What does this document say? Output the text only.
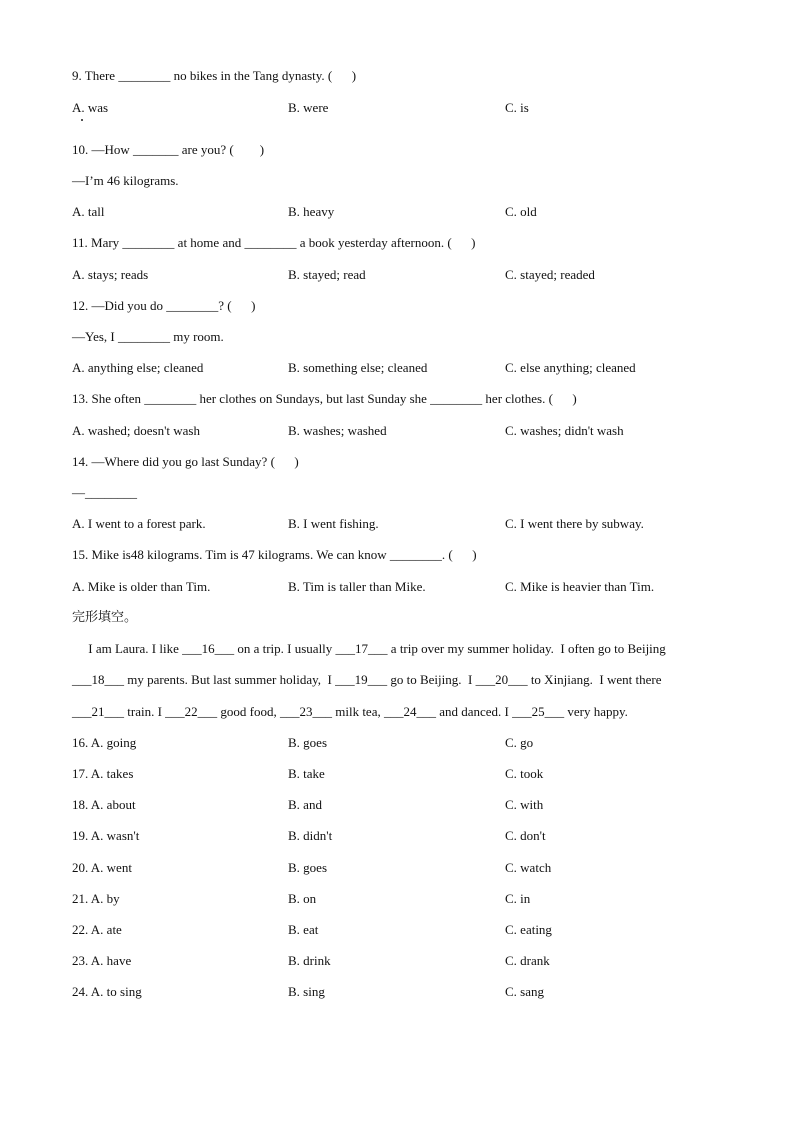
9. There ________ no bikes in the Tang dynasty. (      )
A. was	B. were	C. is
10. —How _______ are you? (        )
—I’m 46 kilograms.
A. tall	B. heavy	C. old
11. Mary ________ at home and ________ a book yesterday afternoon. (      )
A. stays; reads	B. stayed; read	C. stayed; readed
12. —Did you do ________? (      )
—Yes, I ________ my room.
A. anything else; cleaned	B. something else; cleaned	C. else anything; cleaned
13. She often ________ her clothes on Sundays, but last Sunday she ________ her clothes. (      )
A. washed; doesn't wash	B. washes; washed	C. washes; didn't wash
14. —Where did you go last Sunday? (      )
—________
A. I went to a forest park.	B. I went fishing.	C. I went there by subway.
15. Mike is48 kilograms. Tim is 47 kilograms. We can know ________. (      )
A. Mike is older than Tim.	B. Tim is taller than Mike.	C. Mike is heavier than Tim.
完形填空。
I am Laura. I like ___16___ on a trip. I usually ___17___ a trip over my summer holiday.  I often go to Beijing
___18___ my parents. But last summer holiday,  I ___19___ go to Beijing.  I ___20___ to Xinjiang.  I went there
___21___ train. I ___22___ good food, ___23___ milk tea, ___24___ and danced. I ___25___ very happy.
16. A. going	B. goes	C. go
17. A. takes	B. take	C. took
18. A. about	B. and	C. with
19. A. wasn't	B. didn't	C. don't
20. A. went	B. goes	C. watch
21. A. by	B. on	C. in
22. A. ate	B. eat	C. eating
23. A. have	B. drink	C. drank
24. A. to sing	B. sing	C. sang
